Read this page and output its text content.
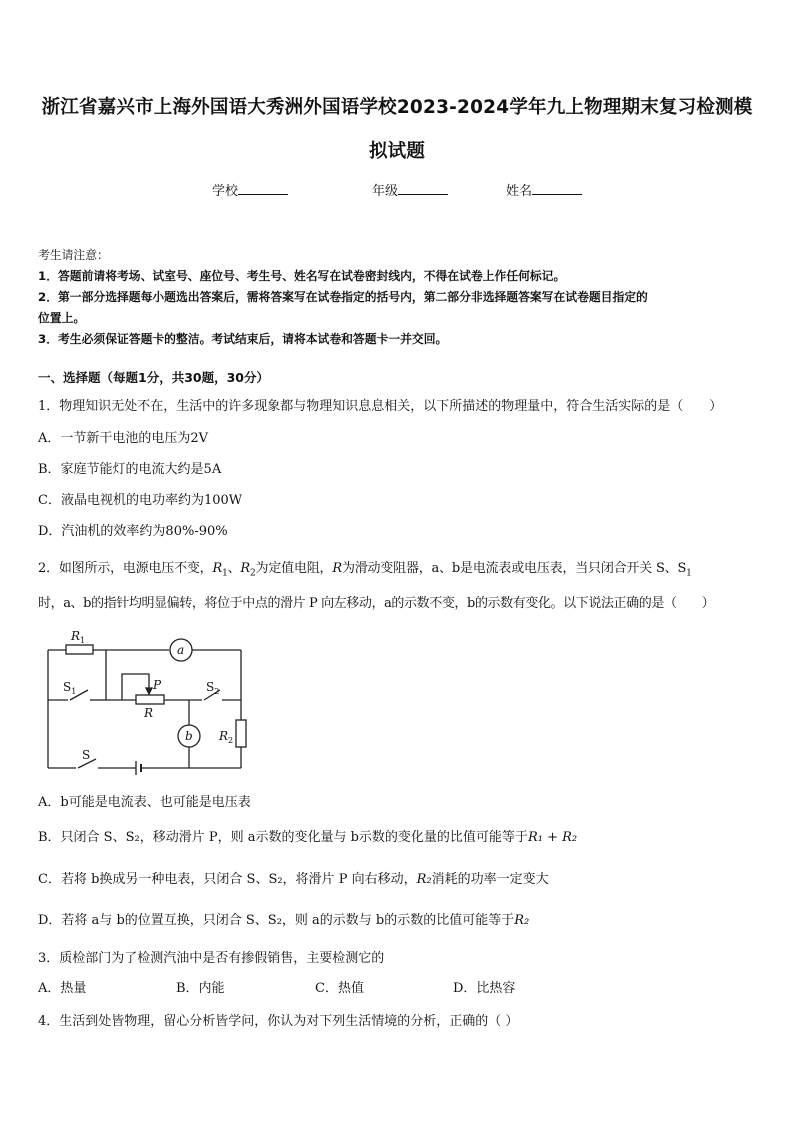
浙江省嘉兴市上海外国语大秀洲外国语学校2023-2024学年九上物理期末复习检测模
拟试题
学校	年级	姓名
考生请注意：
1．答题前请将考场、试室号、座位号、考生号、姓名写在试卷密封线内，不得在试卷上作任何标记。
2．第一部分选择题每小题选出答案后，需将答案写在试卷指定的括号内，第二部分非选择题答案写在试卷题目指定的
位置上。
3．考生必须保证答题卡的整洁。考试结束后，请将本试卷和答题卡一并交回。
一、选择题（每题1分，共30题，30分）
1．物理知识无处不在，生活中的许多现象都与物理知识息息相关，以下所描述的物理量中，符合生活实际的是（　　）
A．一节新干电池的电压为2V
B．家庭节能灯的电流大约是5A
C．液晶电视机的电功率约为100W
D．汽油机的效率约为80%-90%
2．如图所示，电源电压不变，$R_1$、$R_2$为定值电阻，R为滑动变阻器，a、b是电流表或电压表，当只闭合开关 S、$S_1$
时，a、b的指针均明显偏转，将位于中点的滑片 P 向左移动，a的示数不变，b的示数有变化。以下说法正确的是（　　）
$R_1$
a
b
$S_1$	$S_2$
P
R
$R_2$
S
A．b可能是电流表、也可能是电压表
B．只闭合 S、S₂，移动滑片 P，则 a示数的变化量与 b示数的变化量的比值可能等于R₁ + R₂
C．若将 b换成另一种电表，只闭合 S、S₂，将滑片 P 向右移动，R₂消耗的功率一定变大
D．若将 a与 b的位置互换，只闭合 S、S₂，则 a的示数与 b的示数的比值可能等于R₂
3．质检部门为了检测汽油中是否有掺假销售，主要检测它的
A．热量	B．内能	C．热值	D．比热容
4．生活到处皆物理，留心分析皆学问，你认为对下列生活情境的分析，正确的（ ）
